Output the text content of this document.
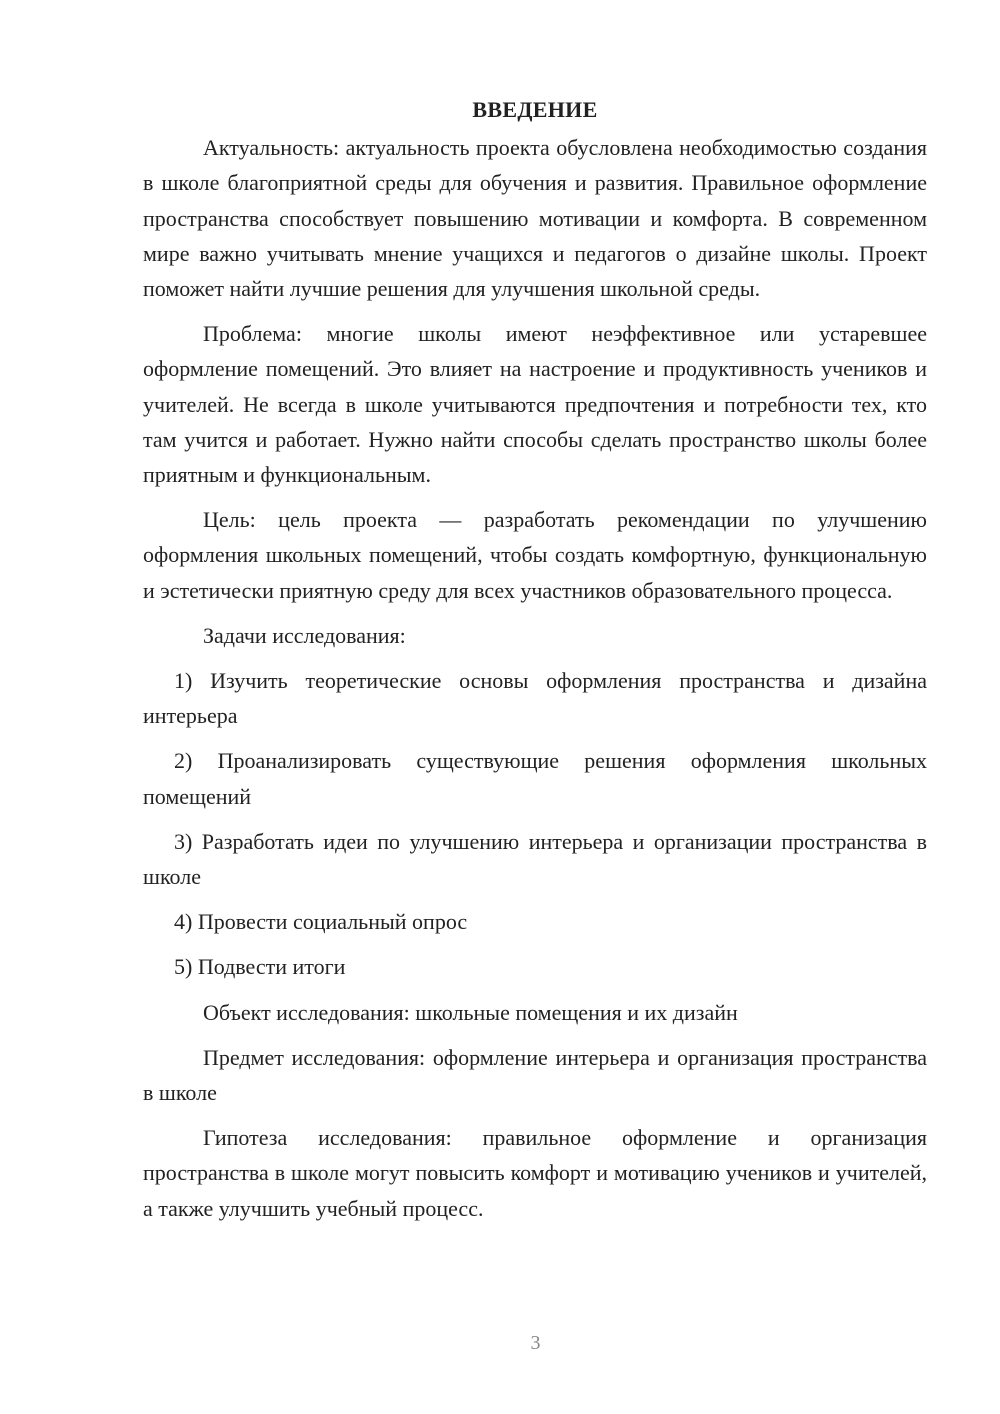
ВВЕДЕНИЕ

Актуальность: актуальность проекта обусловлена необходимостью создания в школе благоприятной среды для обучения и развития. Правильное оформление пространства способствует повышению мотивации и комфорта. В современном мире важно учитывать мнение учащихся и педагогов о дизайне школы. Проект поможет найти лучшие решения для улучшения школьной среды.

Проблема: многие школы имеют неэффективное или устаревшее оформление помещений. Это влияет на настроение и продуктивность учеников и учителей. Не всегда в школе учитываются предпочтения и потребности тех, кто там учится и работает. Нужно найти способы сделать пространство школы более приятным и функциональным.

Цель: цель проекта — разработать рекомендации по улучшению оформления школьных помещений, чтобы создать комфортную, функциональную и эстетически приятную среду для всех участников образовательного процесса.

Задачи исследования:

1) Изучить теоретические основы оформления пространства и дизайна интерьера

2) Проанализировать существующие решения оформления школьных помещений

3) Разработать идеи по улучшению интерьера и организации пространства в школе

4) Провести социальный опрос

5) Подвести итоги

Объект исследования: школьные помещения и их дизайн

Предмет исследования: оформление интерьера и организация пространства в школе

Гипотеза исследования: правильное оформление и организация пространства в школе могут повысить комфорт и мотивацию учеников и учителей, а также улучшить учебный процесс.

3
